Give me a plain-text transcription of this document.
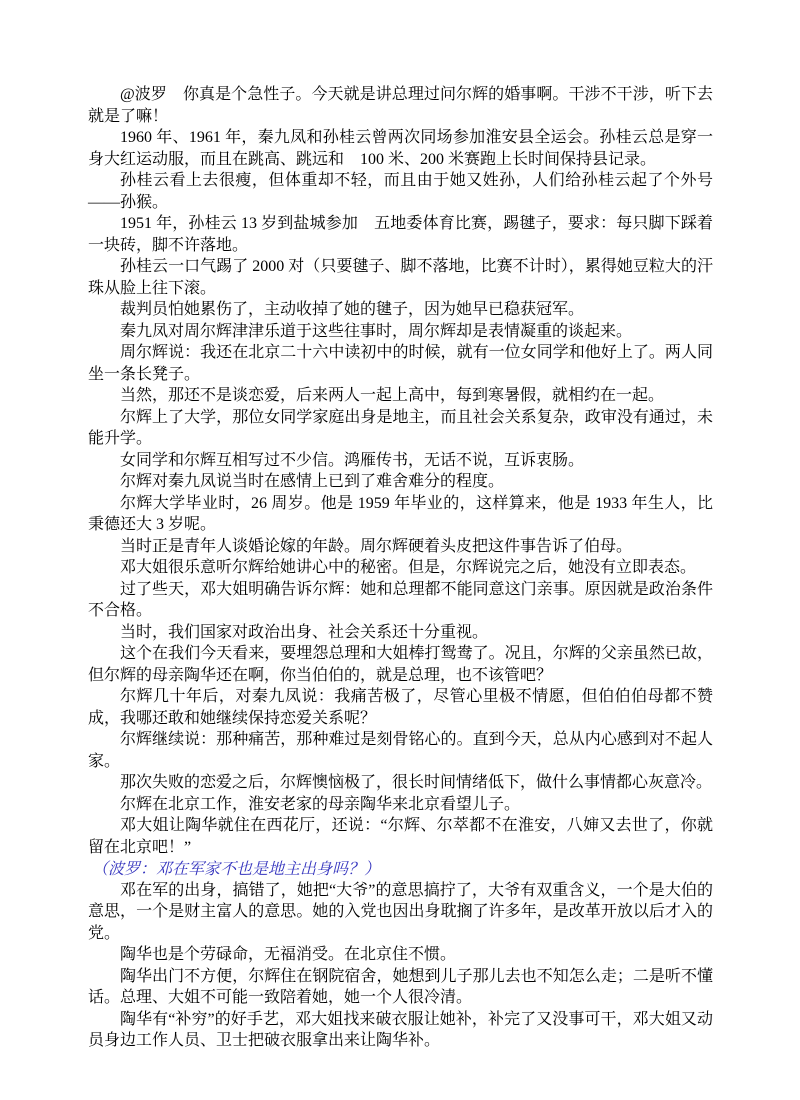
@波罗　你真是个急性子。今天就是讲总理过问尔辉的婚事啊。干涉不干涉，听下去就是了嘛！

1960 年、1961 年，秦九凤和孙桂云曾两次同场参加淮安县全运会。孙桂云总是穿一身大红运动服，而且在跳高、跳远和　100 米、200 米赛跑上长时间保持县记录。

孙桂云看上去很瘦，但体重却不轻，而且由于她又姓孙，人们给孙桂云起了个外号——孙猴。

1951 年，孙桂云 13 岁到盐城参加　五地委体育比赛，踢毽子，要求：每只脚下踩着一块砖，脚不许落地。

孙桂云一口气踢了 2000 对（只要毽子、脚不落地，比赛不计时），累得她豆粒大的汗珠从脸上往下滚。

裁判员怕她累伤了，主动收掉了她的毽子，因为她早已稳获冠军。

秦九凤对周尔辉津津乐道于这些往事时，周尔辉却是表情凝重的谈起来。

周尔辉说：我还在北京二十六中读初中的时候，就有一位女同学和他好上了。两人同坐一条长凳子。

当然，那还不是谈恋爱，后来两人一起上高中，每到寒暑假，就相约在一起。

尔辉上了大学，那位女同学家庭出身是地主，而且社会关系复杂，政审没有通过，未能升学。

女同学和尔辉互相写过不少信。鸿雁传书，无话不说，互诉衷肠。

尔辉对秦九凤说当时在感情上已到了难舍难分的程度。

尔辉大学毕业时，26 周岁。他是 1959 年毕业的，这样算来，他是 1933 年生人，比秉德还大 3 岁呢。

当时正是青年人谈婚论嫁的年龄。周尔辉硬着头皮把这件事告诉了伯母。

邓大姐很乐意听尔辉给她讲心中的秘密。但是，尔辉说完之后，她没有立即表态。

过了些天，邓大姐明确告诉尔辉：她和总理都不能同意这门亲事。原因就是政治条件不合格。

当时，我们国家对政治出身、社会关系还十分重视。

这个在我们今天看来，要埋怨总理和大姐棒打鸳鸯了。况且，尔辉的父亲虽然已故，但尔辉的母亲陶华还在啊，你当伯伯的，就是总理，也不该管吧？

尔辉几十年后，对秦九凤说：我痛苦极了，尽管心里极不情愿，但伯伯伯母都不赞成，我哪还敢和她继续保持恋爱关系呢？

尔辉继续说：那种痛苦，那种难过是刻骨铭心的。直到今天，总从内心感到对不起人家。

那次失败的恋爱之后，尔辉懊恼极了，很长时间情绪低下，做什么事情都心灰意冷。

尔辉在北京工作，淮安老家的母亲陶华来北京看望儿子。

邓大姐让陶华就住在西花厅，还说：“尔辉、尔萃都不在淮安，八婶又去世了，你就留在北京吧！”

（波罗：邓在军家不也是地主出身吗？）

邓在军的出身，搞错了，她把“大爷”的意思搞拧了，大爷有双重含义，一个是大伯的意思，一个是财主富人的意思。她的入党也因出身耽搁了许多年，是改革开放以后才入的党。

陶华也是个劳碌命，无福消受。在北京住不惯。

陶华出门不方便，尔辉住在钢院宿舍，她想到儿子那儿去也不知怎么走；二是听不懂话。总理、大姐不可能一致陪着她，她一个人很冷清。

陶华有“补穷”的好手艺，邓大姐找来破衣服让她补，补完了又没事可干，邓大姐又动员身边工作人员、卫士把破衣服拿出来让陶华补。
